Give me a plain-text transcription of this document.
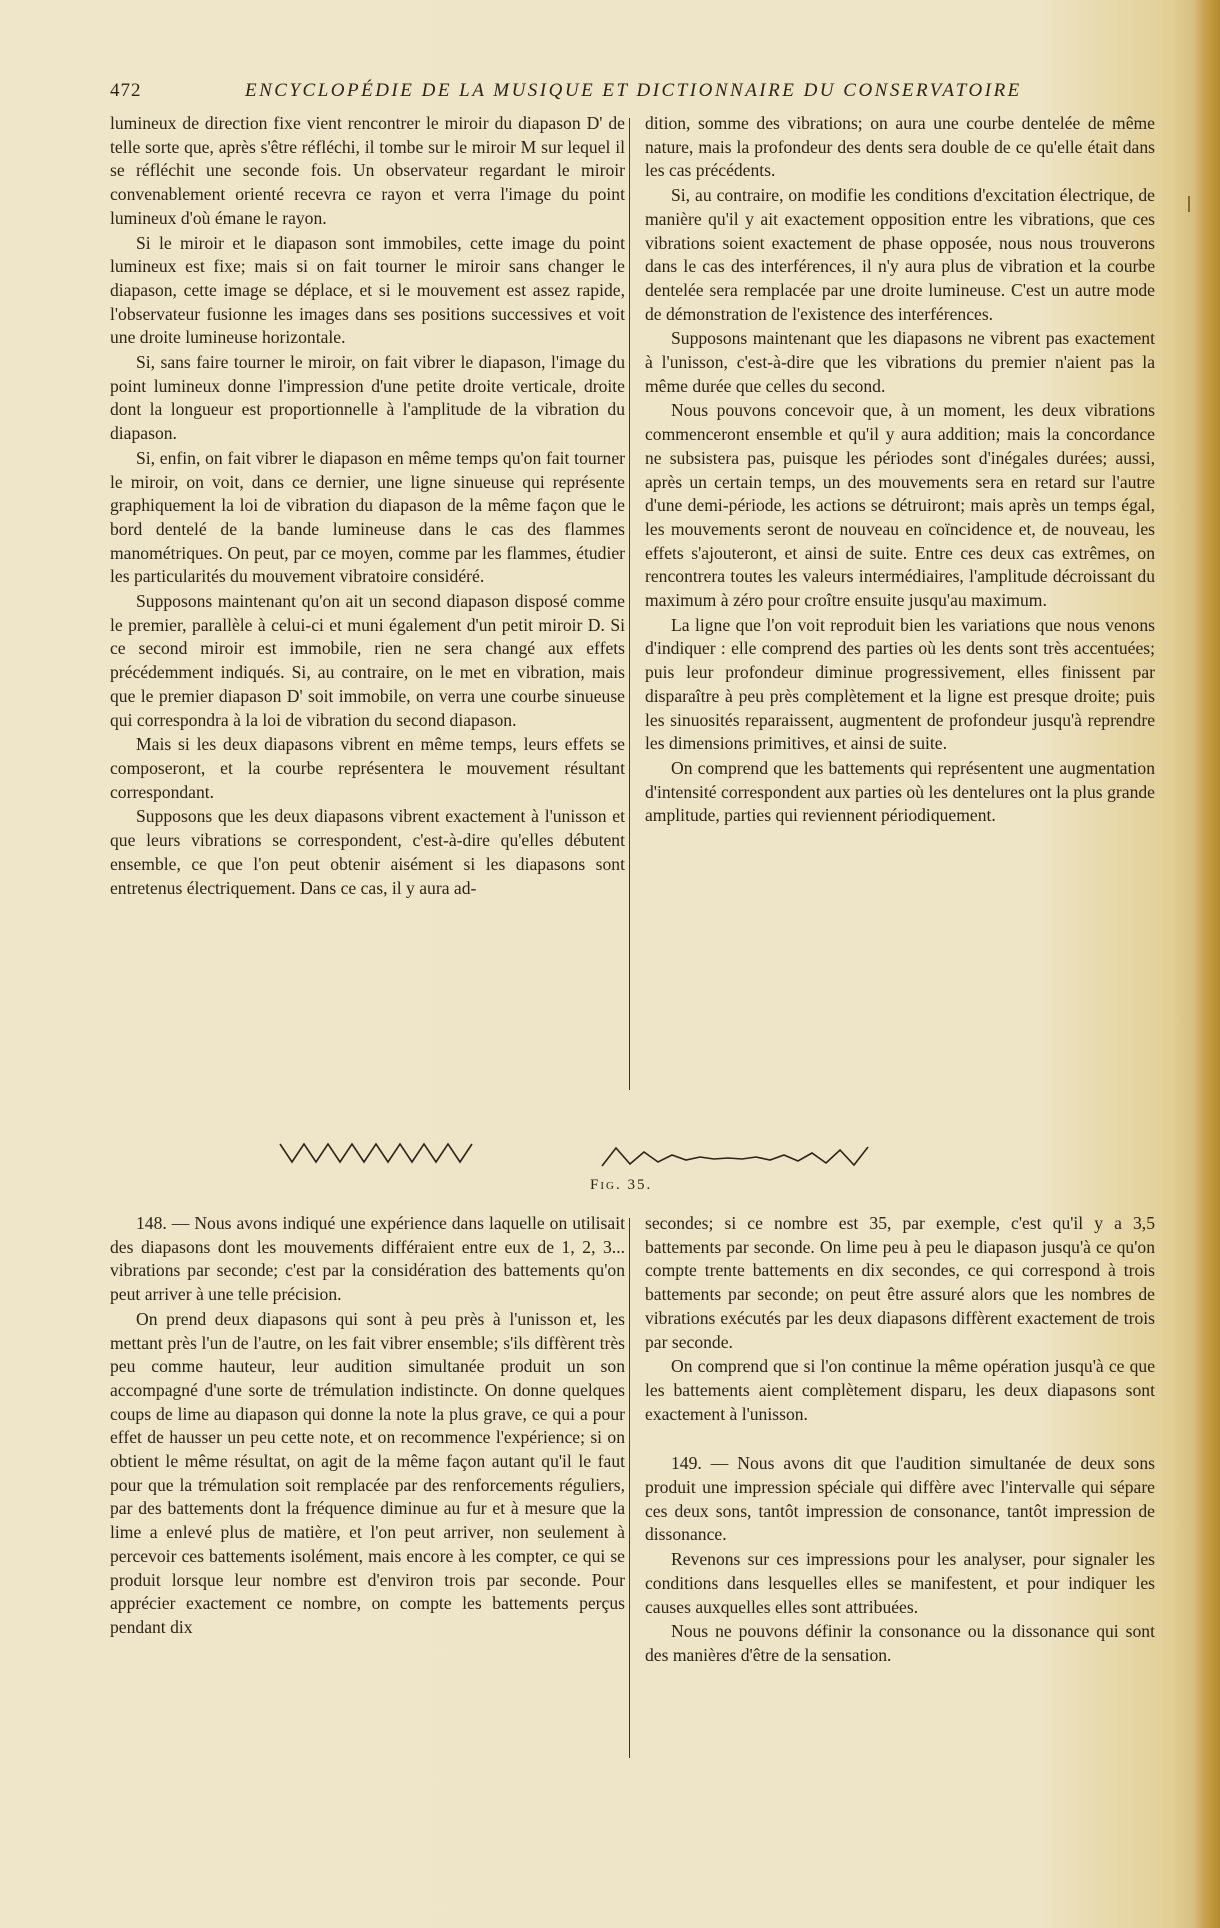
472	ENCYCLOPÉDIE DE LA MUSIQUE ET DICTIONNAIRE DU CONSERVATOIRE

lumineux de direction fixe vient rencontrer le miroir du diapason D' de telle sorte que, après s'être réfléchi, il tombe sur le miroir M sur lequel il se réfléchit une seconde fois. Un observateur regardant le miroir convenablement orienté recevra ce rayon et verra l'image du point lumineux d'où émane le rayon.

Si le miroir et le diapason sont immobiles, cette image du point lumineux est fixe; mais si on fait tourner le miroir sans changer le diapason, cette image se déplace, et si le mouvement est assez rapide, l'observateur fusionne les images dans ses positions successives et voit une droite lumineuse horizontale.

Si, sans faire tourner le miroir, on fait vibrer le diapason, l'image du point lumineux donne l'impression d'une petite droite verticale, droite dont la longueur est proportionnelle à l'amplitude de la vibration du diapason.

Si, enfin, on fait vibrer le diapason en même temps qu'on fait tourner le miroir, on voit, dans ce dernier, une ligne sinueuse qui représente graphiquement la loi de vibration du diapason de la même façon que le bord dentelé de la bande lumineuse dans le cas des flammes manométriques. On peut, par ce moyen, comme par les flammes, étudier les particularités du mouvement vibratoire considéré.

Supposons maintenant qu'on ait un second diapason disposé comme le premier, parallèle à celui-ci et muni également d'un petit miroir D. Si ce second miroir est immobile, rien ne sera changé aux effets précédemment indiqués. Si, au contraire, on le met en vibration, mais que le premier diapason D' soit immobile, on verra une courbe sinueuse qui correspondra à la loi de vibration du second diapason.

Mais si les deux diapasons vibrent en même temps, leurs effets se composeront, et la courbe représentera le mouvement résultant correspondant.

Supposons que les deux diapasons vibrent exactement à l'unisson et que leurs vibrations se correspondent, c'est-à-dire qu'elles débutent ensemble, ce que l'on peut obtenir aisément si les diapasons sont entretenus électriquement. Dans ce cas, il y aura ad-

dition, somme des vibrations; on aura une courbe dentelée de même nature, mais la profondeur des dents sera double de ce qu'elle était dans les cas précédents.

Si, au contraire, on modifie les conditions d'excitation électrique, de manière qu'il y ait exactement opposition entre les vibrations, que ces vibrations soient exactement de phase opposée, nous nous trouverons dans le cas des interférences, il n'y aura plus de vibration et la courbe dentelée sera remplacée par une droite lumineuse. C'est un autre mode de démonstration de l'existence des interférences.

Supposons maintenant que les diapasons ne vibrent pas exactement à l'unisson, c'est-à-dire que les vibrations du premier n'aient pas la même durée que celles du second.

Nous pouvons concevoir que, à un moment, les deux vibrations commenceront ensemble et qu'il y aura addition; mais la concordance ne subsistera pas, puisque les périodes sont d'inégales durées; aussi, après un certain temps, un des mouvements sera en retard sur l'autre d'une demi-période, les actions se détruiront; mais après un temps égal, les mouvements seront de nouveau en coïncidence et, de nouveau, les effets s'ajouteront, et ainsi de suite. Entre ces deux cas extrêmes, on rencontrera toutes les valeurs intermédiaires, l'amplitude décroissant du maximum à zéro pour croître ensuite jusqu'au maximum.

La ligne que l'on voit reproduit bien les variations que nous venons d'indiquer : elle comprend des parties où les dents sont très accentuées; puis leur profondeur diminue progressivement, elles finissent par disparaître à peu près complètement et la ligne est presque droite; puis les sinuosités reparaissent, augmentent de profondeur jusqu'à reprendre les dimensions primitives, et ainsi de suite.

On comprend que les battements qui représentent une augmentation d'intensité correspondent aux parties où les dentelures ont la plus grande amplitude, parties qui reviennent périodiquement.

Fig. 35.

148. — Nous avons indiqué une expérience dans laquelle on utilisait des diapasons dont les mouvements différaient entre eux de 1, 2, 3... vibrations par seconde; c'est par la considération des battements qu'on peut arriver à une telle précision.

On prend deux diapasons qui sont à peu près à l'unisson et, les mettant près l'un de l'autre, on les fait vibrer ensemble; s'ils diffèrent très peu comme hauteur, leur audition simultanée produit un son accompagné d'une sorte de trémulation indistincte. On donne quelques coups de lime au diapason qui donne la note la plus grave, ce qui a pour effet de hausser un peu cette note, et on recommence l'expérience; si on obtient le même résultat, on agit de la même façon autant qu'il le faut pour que la trémulation soit remplacée par des renforcements réguliers, par des battements dont la fréquence diminue au fur et à mesure que la lime a enlevé plus de matière, et l'on peut arriver, non seulement à percevoir ces battements isolément, mais encore à les compter, ce qui se produit lorsque leur nombre est d'environ trois par seconde. Pour apprécier exactement ce nombre, on compte les battements perçus pendant dix

secondes; si ce nombre est 35, par exemple, c'est qu'il y a 3,5 battements par seconde. On lime peu à peu le diapason jusqu'à ce qu'on compte trente battements en dix secondes, ce qui correspond à trois battements par seconde; on peut être assuré alors que les nombres de vibrations exécutés par les deux diapasons diffèrent exactement de trois par seconde.

On comprend que si l'on continue la même opération jusqu'à ce que les battements aient complètement disparu, les deux diapasons sont exactement à l'unisson.

149. — Nous avons dit que l'audition simultanée de deux sons produit une impression spéciale qui diffère avec l'intervalle qui sépare ces deux sons, tantôt impression de consonance, tantôt impression de dissonance.

Revenons sur ces impressions pour les analyser, pour signaler les conditions dans lesquelles elles se manifestent, et pour indiquer les causes auxquelles elles sont attribuées.

Nous ne pouvons définir la consonance ou la dissonance qui sont des manières d'être de la sensation.
